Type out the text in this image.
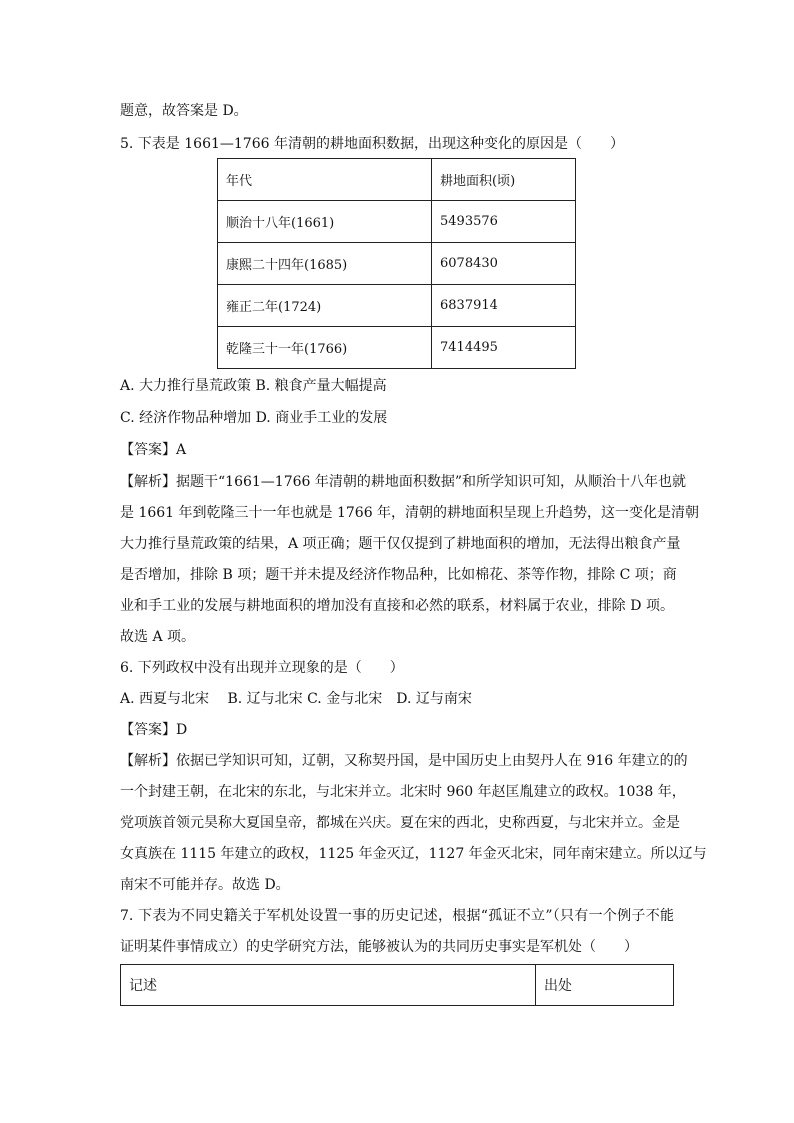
题意，故答案是 D。
5. 下表是 1661—1766 年清朝的耕地面积数据，出现这种变化的原因是（　　）
年代	耕地面积(顷)
顺治十八年(1661)	5493576
康熙二十四年(1685)	6078430
雍正二年(1724)	6837914
乾隆三十一年(1766)	7414495
A. 大力推行垦荒政策 B. 粮食产量大幅提高
C. 经济作物品种增加 D. 商业手工业的发展
【答案】A
【解析】据题干“1661—1766 年清朝的耕地面积数据”和所学知识可知，从顺治十八年也就
是 1661 年到乾隆三十一年也就是 1766 年，清朝的耕地面积呈现上升趋势，这一变化是清朝
大力推行垦荒政策的结果，A 项正确；题干仅仅提到了耕地面积的增加，无法得出粮食产量
是否增加，排除 B 项；题干并未提及经济作物品种，比如棉花、茶等作物，排除 C 项；商
业和手工业的发展与耕地面积的增加没有直接和必然的联系，材料属于农业，排除 D 项。
故选 A 项。
6. 下列政权中没有出现并立现象的是（　　）
A. 西夏与北宋　 B. 辽与北宋 C. 金与北宋　D. 辽与南宋
【答案】D
【解析】依据已学知识可知，辽朝，又称契丹国，是中国历史上由契丹人在 916 年建立的的
一个封建王朝，在北宋的东北，与北宋并立。北宋时 960 年赵匡胤建立的政权。1038 年，
党项族首领元昊称大夏国皇帝，都城在兴庆。夏在宋的西北，史称西夏，与北宋并立。金是
女真族在 1115 年建立的政权，1125 年金灭辽，1127 年金灭北宋，同年南宋建立。所以辽与
南宋不可能并存。故选 D。
7. 下表为不同史籍关于军机处设置一事的历史记述，根据“孤证不立”（只有一个例子不能
证明某件事情成立）的史学研究方法，能够被认为的共同历史事实是军机处（　　）
记述	出处
